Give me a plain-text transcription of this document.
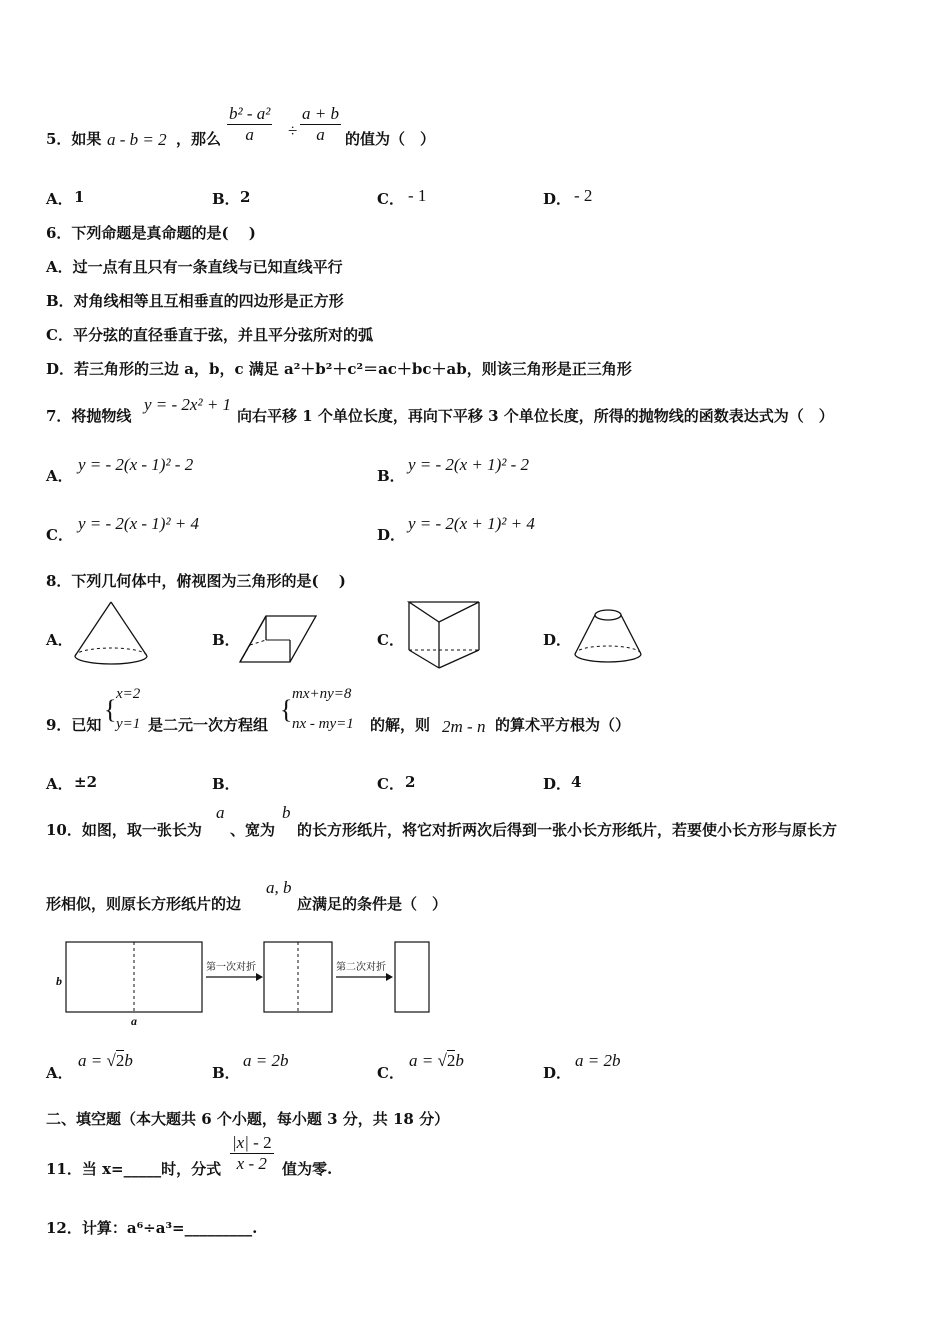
5．如果 a - b = 2 ，那么
b² - a²
a	÷
a + b
a	的值为（　）
A． 1	B． 2	C． - 1	D． - 2
6．下列命题是真命题的是(　 )
A．过一点有且只有一条直线与已知直线平行
B．对角线相等且互相垂直的四边形是正方形
C．平分弦的直径垂直于弦，并且平分弦所对的弧
D．若三角形的三边 a，b，c 满足 a²＋b²＋c²＝ac＋bc＋ab，则该三角形是正三角形
7．将抛物线
y = - 2x² + 1
向右平移 1 个单位长度，再向下平移 3 个单位长度，所得的抛物线的函数表达式为（　）
A．
y = - 2(x - 1)² - 2
B．
y = - 2(x + 1)² - 2
C．
y = - 2(x - 1)² + 4
D．
y = - 2(x + 1)² + 4
8．下列几何体中，俯视图为三角形的是(　 )
A．	B．	C．	D．
9．已知
{
x=2
y=1 是二元一次方程组
{
mx+ny=8
nx - my=1 的解，则 2m - n 的算术平方根为（）
A． ±2	B．	C． 2	D． 4
10．如图，取一张长为
a
、宽为
b
的长方形纸片，将它对折两次后得到一张小长方形纸片，若要使小长方形与原长方
形相似，则原长方形纸片的边
a, b
应满足的条件是（　）
b
a
第一次对折	第二次对折
A．
a = √2b
B．
a = 2b
C．
a = √2b
D．
a = 2b
二、填空题（本大题共 6 个小题，每小题 3 分，共 18 分）
11．当 x=_____时，分式
|x| - 2
x - 2	值为零.
12．计算：a⁶÷a³=_________.
